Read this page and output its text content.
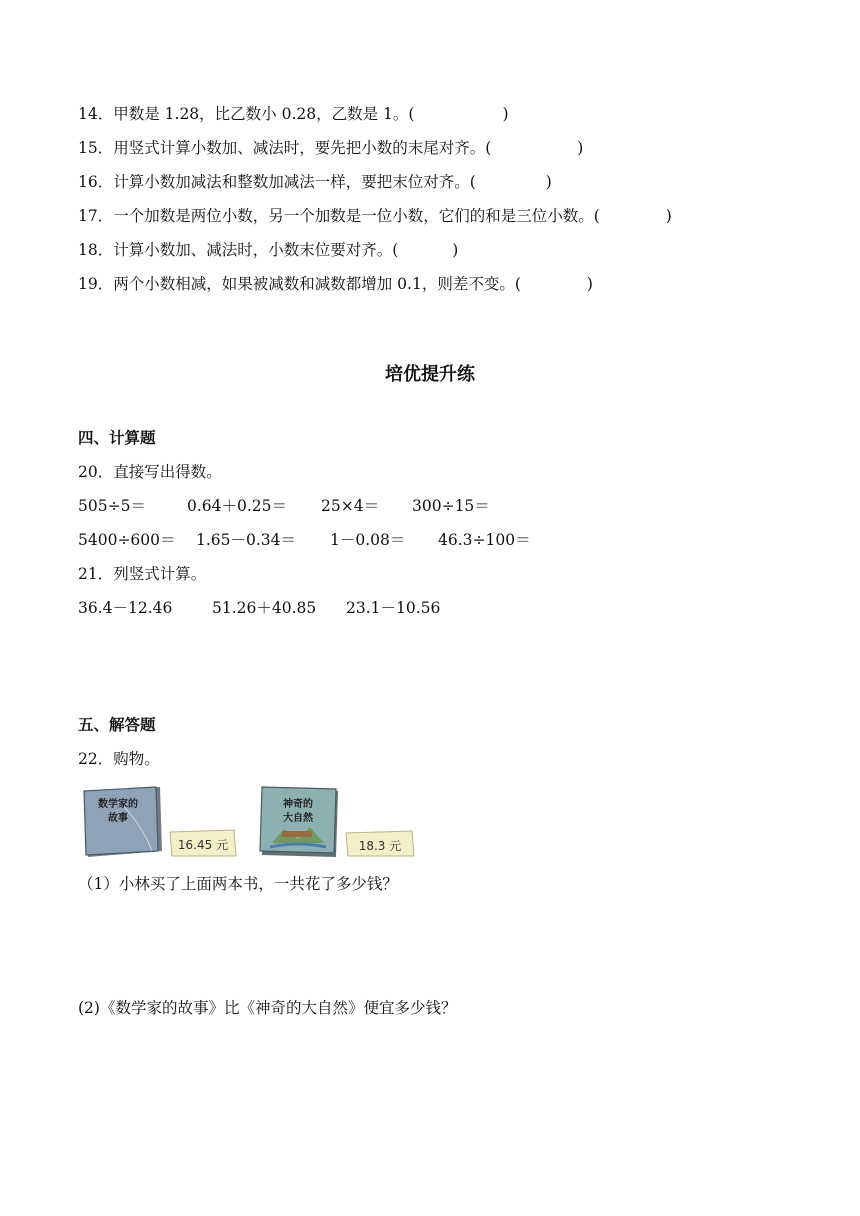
14．甲数是 1.28，比乙数小 0.28，乙数是 1。(	)
15．用竖式计算小数加、减法时，要先把小数的末尾对齐。(	)
16．计算小数加减法和整数加减法一样，要把末位对齐。(	)
17．一个加数是两位小数，另一个加数是一位小数，它们的和是三位小数。(	)
18．计算小数加、减法时，小数末位要对齐。(	)
19．两个小数相减，如果被减数和减数都增加 0.1，则差不变。(	)
培优提升练
四、计算题
20．直接写出得数。
505÷5＝	0.64＋0.25＝ 25×4＝ 300÷15＝
5400÷600＝ 1.65－0.34＝ 1－0.08＝ 46.3÷100＝
21．列竖式计算。
36.4－12.46	51.26＋40.85 23.1－10.56
五、解答题
22．购物。
数学家的
故事
16.45 元
神奇的
大自然
18.3 元
（1）小林买了上面两本书，一共花了多少钱？
(2)《数学家的故事》比《神奇的大自然》便宜多少钱？
